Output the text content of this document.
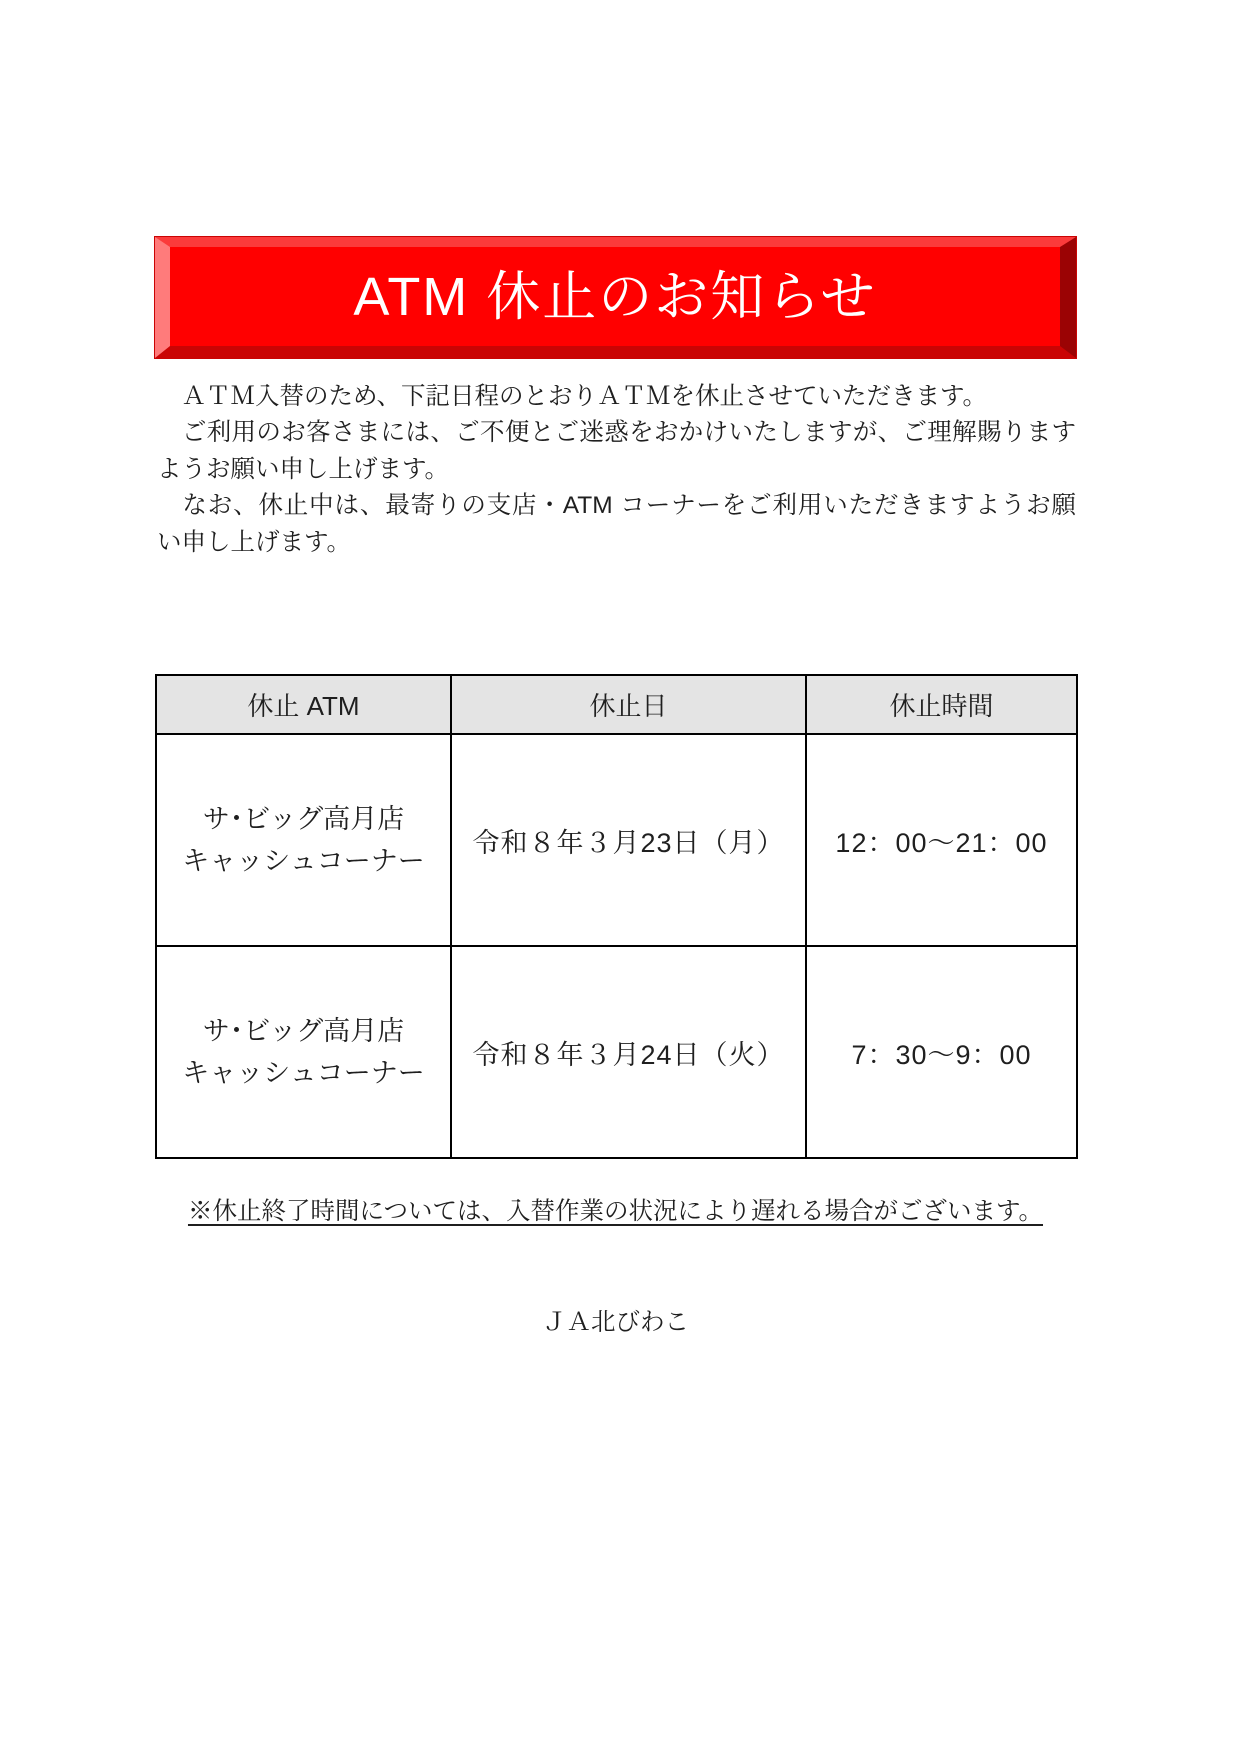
ATM 休止のお知らせ
　ＡＴＭ入替のため、下記日程のとおりＡＴＭを休止させていただきます。
　ご利用のお客さまには、ご不便とご迷惑をおかけいたしますが、ご理解賜ります
ようお願い申し上げます。
　なお、休止中は、最寄りの支店・ATM コーナーをご利用いただきますようお願
い申し上げます。
休止 ATM	休止日	休止時間

サ･ビッグ高月店
キャッシュコーナー	令和８年３月23日（月）	12：00～21：00

サ･ビッグ高月店
キャッシュコーナー	令和８年３月24日（火）	7：30～9：00
※休止終了時間については、入替作業の状況により遅れる場合がございます。
ＪＡ北びわこ
